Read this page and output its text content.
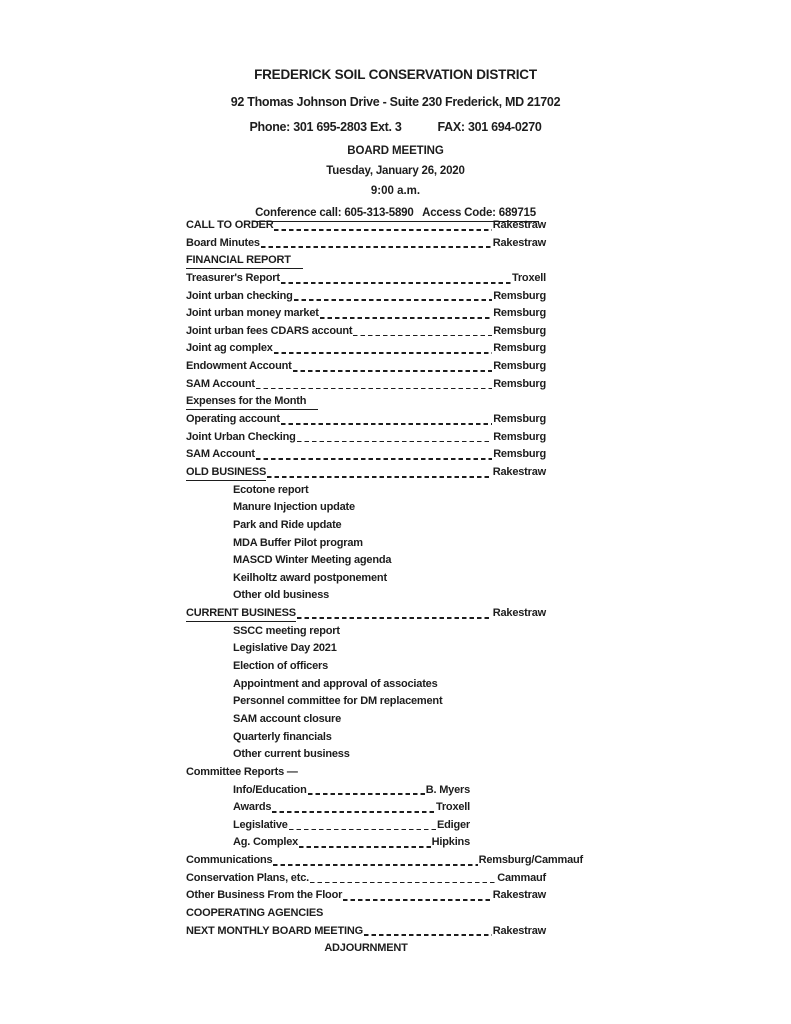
FREDERICK SOIL CONSERVATION DISTRICT
92 Thomas Johnson Drive - Suite 230 Frederick, MD 21702
Phone: 301 695-2803 Ext. 3	FAX: 301 694-0270
BOARD MEETING
Tuesday, January 26, 2020
9:00 a.m.
Conference call: 605-313-5890   Access Code: 689715
CALL TO ORDER	Rakestraw
Board Minutes	Rakestraw
FINANCIAL REPORT
Treasurer's Report	Troxell
Joint urban checking	Remsburg
Joint urban money market	Remsburg
Joint urban fees CDARS account	Remsburg
Joint ag complex	Remsburg
Endowment Account	Remsburg
SAM Account	Remsburg
Expenses for the Month
Operating account	Remsburg
Joint Urban Checking	Remsburg
SAM Account	Remsburg
OLD BUSINESS	Rakestraw
Ecotone report
Manure Injection update
Park and Ride update
MDA Buffer Pilot program
MASCD Winter Meeting agenda
Keilholtz award postponement
Other old business
CURRENT BUSINESS	Rakestraw
SSCC meeting report
Legislative Day 2021
Election of officers
Appointment and approval of associates
Personnel committee for DM replacement
SAM account closure
Quarterly financials
Other current business
Committee Reports —
Info/Education	B. Myers
Awards	Troxell
Legislative	Ediger
Ag. Complex	Hipkins
Communications	Remsburg/Cammauf
Conservation Plans, etc.	Cammauf
Other Business From the Floor	Rakestraw
COOPERATING AGENCIES
NEXT MONTHLY BOARD MEETING	Rakestraw
ADJOURNMENT
